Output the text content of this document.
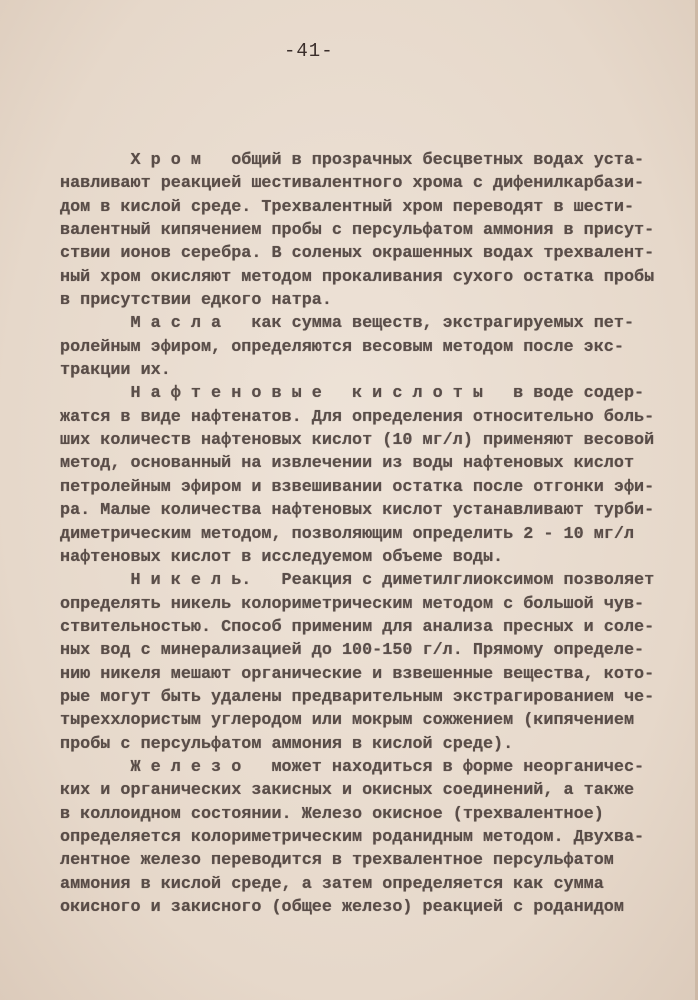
-41-
Х р о м   общий в прозрачных бесцветных водах уста-
навливают реакцией шестивалентного хрома с дифенилкарбази-
дом в кислой среде. Трехвалентный хром переводят в шести-
валентный кипячением пробы с персульфатом аммония в присут-
ствии ионов серебра. В соленых окрашенных водах трехвалент-
ный хром окисляют методом прокаливания сухого остатка пробы
в присутствии едкого натра.
М а с л а   как сумма веществ, экстрагируемых пет-
ролейным эфиром, определяются весовым методом после экс-
тракции их.
Н а ф т е н о в ы е   к и с л о т ы   в воде содер-
жатся в виде нафтенатов. Для определения относительно боль-
ших количеств нафтеновых кислот (10 мг/л) применяют весовой
метод, основанный на извлечении из воды нафтеновых кислот
петролейным эфиром и взвешивании остатка после отгонки эфи-
ра. Малые количества нафтеновых кислот устанавливают турби-
диметрическим методом, позволяющим определить 2 - 10 мг/л
нафтеновых кислот в исследуемом объеме воды.
Н и к е л ь.   Реакция с диметилглиоксимом позволяет
определять никель колориметрическим методом с большой чув-
ствительностью. Способ применим для анализа пресных и соле-
ных вод с минерализацией до 100-150 г/л. Прямому определе-
нию никеля мешают органические и взвешенные вещества, кото-
рые могут быть удалены предварительным экстрагированием че-
тыреххлористым углеродом или мокрым сожжением (кипячением
пробы с персульфатом аммония в кислой среде).
Ж е л е з о   может находиться в форме неорганичес-
ких и органических закисных и окисных соединений, а также
в коллоидном состоянии. Железо окисное (трехвалентное)
определяется колориметрическим роданидным методом. Двухва-
лентное железо переводится в трехвалентное персульфатом
аммония в кислой среде, а затем определяется как сумма
окисного и закисного (общее железо) реакцией с роданидом
